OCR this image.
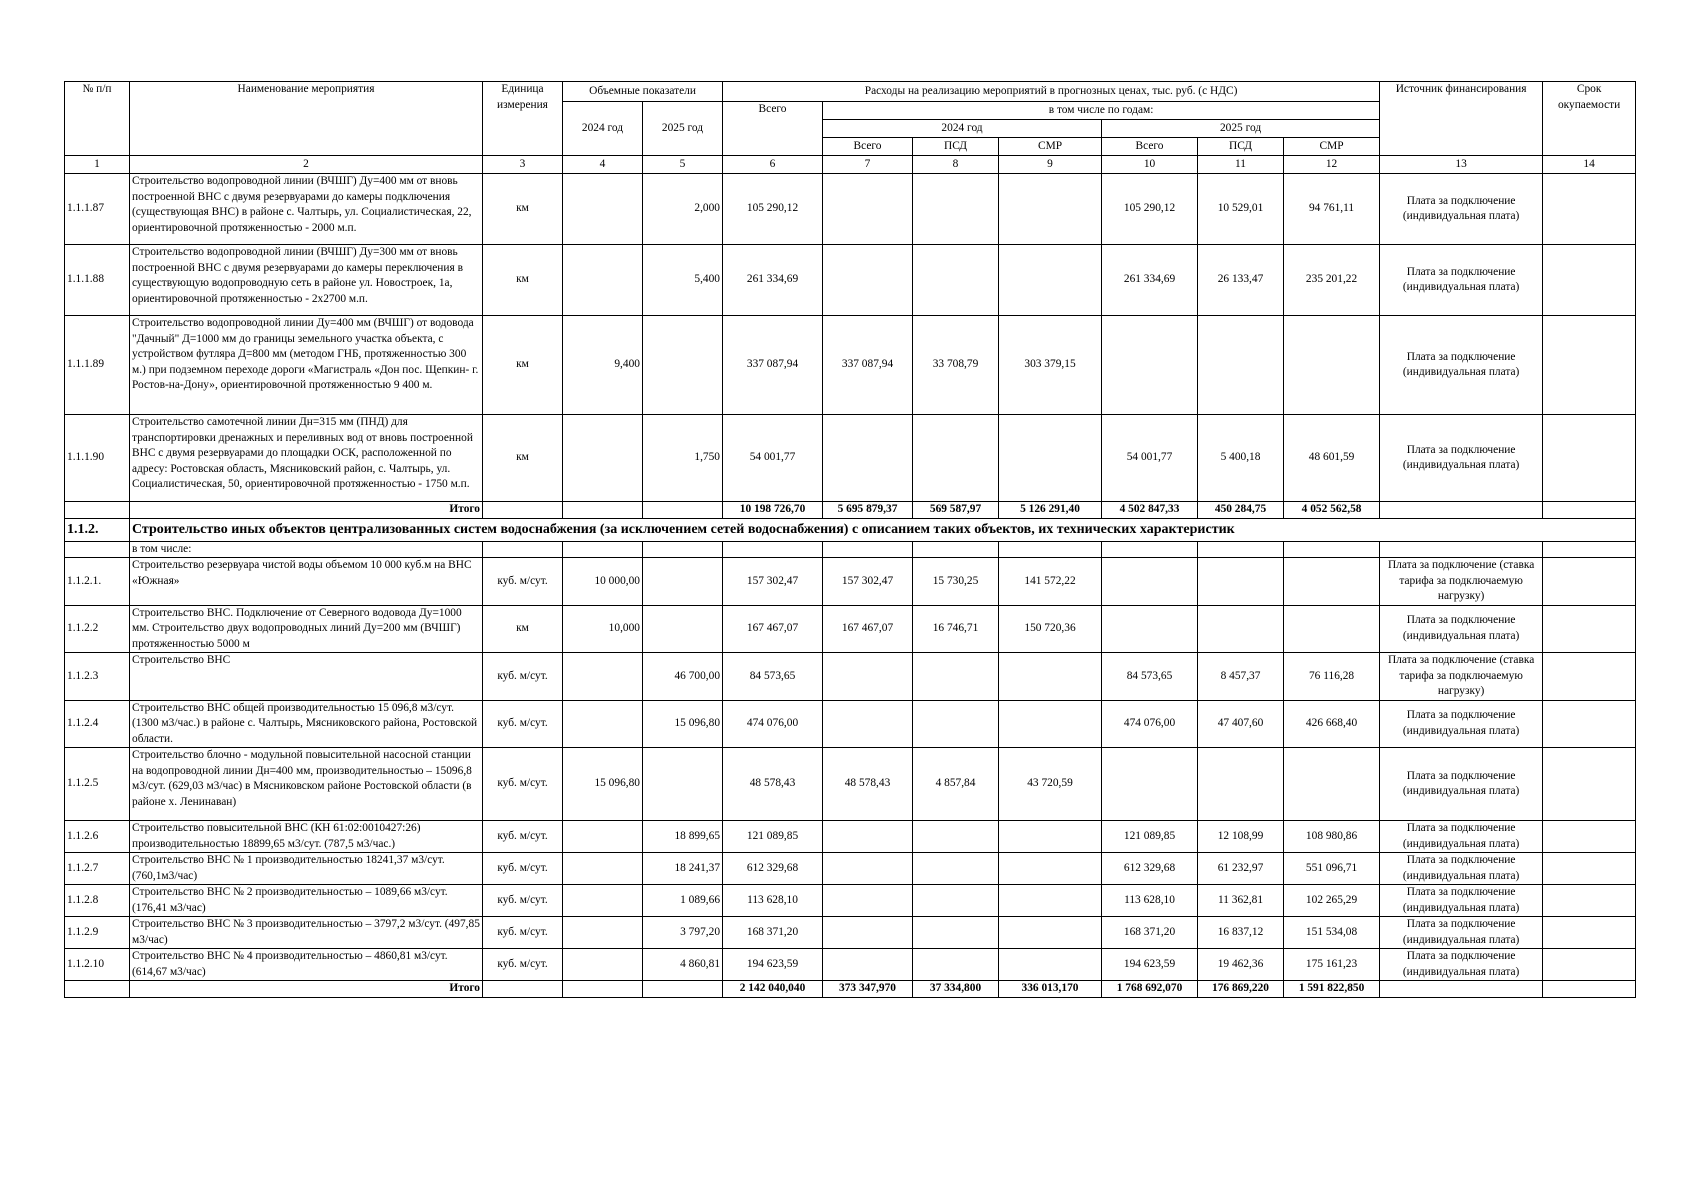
№ п/п	Наименование мероприятия	Единица измерения	Объемные показатели		Расходы на реализацию мероприятий в прогнозных ценах, тыс. руб. (с НДС)							Источник финансирования	Срок окупаемости
			2024 год	2025 год	Всего	в том числе по годам:							
						2024 год			2025 год				
						Всего	ПСД	СМР	Всего	ПСД	СМР		
1	2	3	4	5	6	7	8	9	10	11	12	13	14
1.1.1.87	Строительство водопроводной линии (ВЧШГ) Ду=400 мм от вновь построенной ВНС с двумя резервуарами до камеры подключения (существующая ВНС) в районе с. Чалтырь, ул. Социалистическая, 22, ориентировочной протяженностью - 2000 м.п.	км		2,000	105 290,12				105 290,12	10 529,01	94 761,11	Плата за подключение (индивидуальная плата)	
1.1.1.88	Строительство водопроводной линии (ВЧШГ) Ду=300 мм от вновь построенной ВНС с двумя резервуарами до камеры переключения в существующую водопроводную сеть в районе ул. Новостроек, 1а, ориентировочной протяженностью - 2х2700 м.п.	км		5,400	261 334,69				261 334,69	26 133,47	235 201,22	Плата за подключение (индивидуальная плата)	
1.1.1.89	Строительство водопроводной линии Ду=400 мм (ВЧШГ) от водовода "Дачный" Д=1000 мм до границы земельного участка объекта, с устройством футляра Д=800 мм (методом ГНБ, протяженностью 300 м.) при подземном переходе дороги «Магистраль «Дон пос. Щепкин- г. Ростов-на-Дону», ориентировочной протяженностью 9 400 м.	км	9,400		337 087,94	337 087,94	33 708,79	303 379,15				Плата за подключение (индивидуальная плата)	
1.1.1.90	Строительство самотечной линии Дн=315 мм (ПНД) для транспортировки дренажных и переливных вод от вновь построенной ВНС с двумя резервуарами до площадки ОСК, расположенной по адресу: Ростовская область, Мясниковский район, с. Чалтырь, ул. Социалистическая, 50, ориентировочной протяженностью - 1750 м.п.	км		1,750	54 001,77				54 001,77	5 400,18	48 601,59	Плата за подключение (индивидуальная плата)	
	Итого				10 198 726,70	5 695 879,37	569 587,97	5 126 291,40	4 502 847,33	450 284,75	4 052 562,58		
1.1.2.	Строительство иных объектов централизованных систем водоснабжения (за исключением сетей водоснабжения) с описанием таких объектов, их технических характеристик												
	в том числе:												
1.1.2.1.	Строительство резервуара чистой воды объемом 10 000 куб.м на ВНС «Южная»	куб. м/сут.	10 000,00		157 302,47	157 302,47	15 730,25	141 572,22				Плата за подключение (ставка тарифа за подключаемую нагрузку)	
1.1.2.2	Строительство ВНС. Подключение от Северного водовода Ду=1000 мм. Строительство двух водопроводных линий Ду=200 мм (ВЧШГ) протяженностью 5000 м	км	10,000		167 467,07	167 467,07	16 746,71	150 720,36				Плата за подключение (индивидуальная плата)	
1.1.2.3	Строительство ВНС	куб. м/сут.		46 700,00	84 573,65				84 573,65	8 457,37	76 116,28	Плата за подключение (ставка тарифа за подключаемую нагрузку)	
1.1.2.4	Строительство ВНС общей производительностью 15 096,8 м3/сут. (1300 м3/час.) в районе с. Чалтырь, Мясниковского района, Ростовской области.	куб. м/сут.		15 096,80	474 076,00				474 076,00	47 407,60	426 668,40	Плата за подключение (индивидуальная плата)	
1.1.2.5	Строительство блочно - модульной повысительной насосной станции на водопроводной линии Дн=400 мм, производительностью – 15096,8 м3/сут. (629,03 м3/час) в Мясниковском районе Ростовской области (в районе х. Ленинаван)	куб. м/сут.	15 096,80		48 578,43	48 578,43	4 857,84	43 720,59				Плата за подключение (индивидуальная плата)	
1.1.2.6	Строительство повысительной ВНС (КН 61:02:0010427:26) производительностью 18899,65 м3/сут. (787,5 м3/час.)	куб. м/сут.		18 899,65	121 089,85				121 089,85	12 108,99	108 980,86	Плата за подключение (индивидуальная плата)	
1.1.2.7	Строительство ВНС № 1 производительностью 18241,37 м3/сут. (760,1м3/час)	куб. м/сут.		18 241,37	612 329,68				612 329,68	61 232,97	551 096,71	Плата за подключение (индивидуальная плата)	
1.1.2.8	Строительство ВНС № 2 производительностью – 1089,66 м3/сут. (176,41 м3/час)	куб. м/сут.		1 089,66	113 628,10				113 628,10	11 362,81	102 265,29	Плата за подключение (индивидуальная плата)	
1.1.2.9	Строительство ВНС № 3 производительностью – 3797,2 м3/сут. (497,85 м3/час)	куб. м/сут.		3 797,20	168 371,20				168 371,20	16 837,12	151 534,08	Плата за подключение (индивидуальная плата)	
1.1.2.10	Строительство ВНС № 4 производительностью – 4860,81 м3/сут. (614,67 м3/час)	куб. м/сут.		4 860,81	194 623,59				194 623,59	19 462,36	175 161,23	Плата за подключение (индивидуальная плата)	
	Итого				2 142 040,040	373 347,970	37 334,800	336 013,170	1 768 692,070	176 869,220	1 591 822,850		
